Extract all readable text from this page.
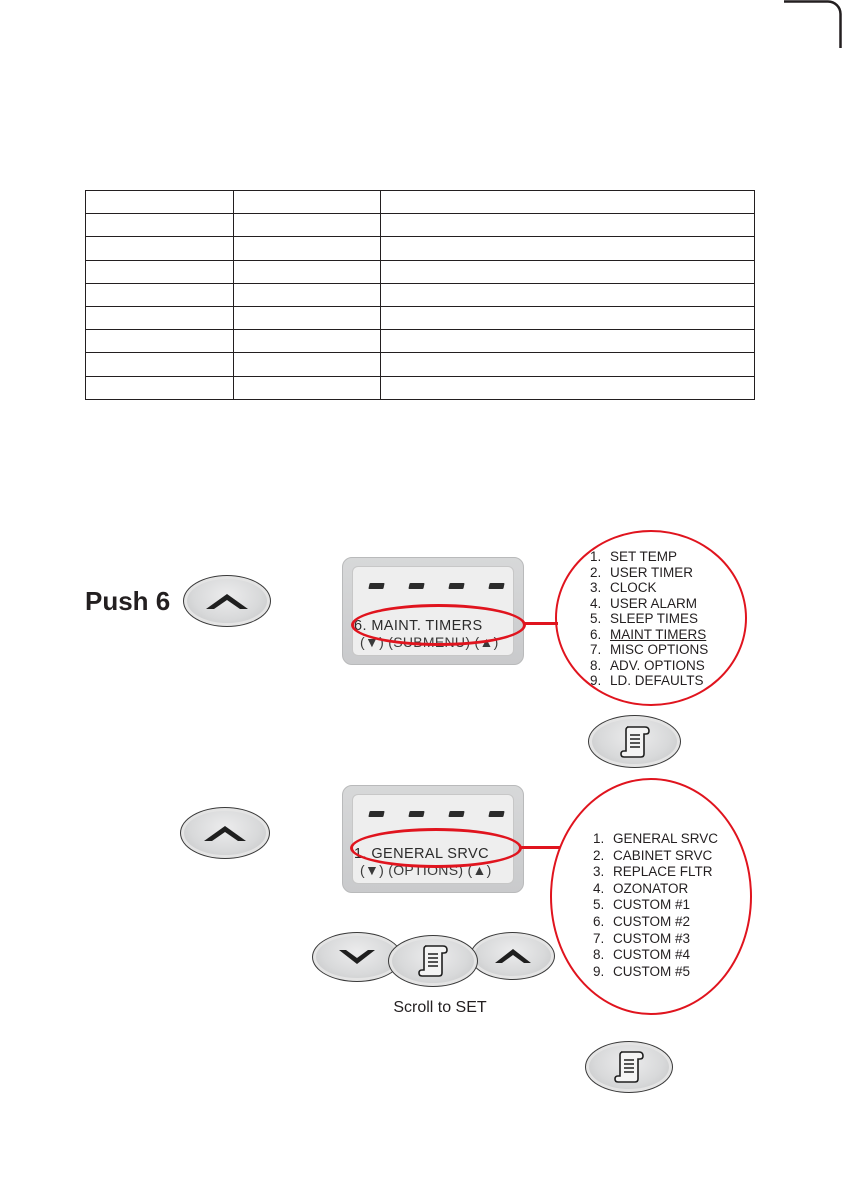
Push 6
6. MAINT. TIMERS
(▼) (SUBMENU) (▲)
1. SET TEMP
2. USER TIMER
3. CLOCK
4. USER ALARM
5. SLEEP TIMES
6. MAINT TIMERS
7. MISC OPTIONS
8. ADV. OPTIONS
9. LD. DEFAULTS
1. GENERAL SRVC
(▼) (OPTIONS) (▲)
1. GENERAL SRVC
2. CABINET SRVC
3. REPLACE FLTR
4. OZONATOR
5. CUSTOM #1
6. CUSTOM #2
7. CUSTOM #3
8. CUSTOM #4
9. CUSTOM #5
Scroll to SET
